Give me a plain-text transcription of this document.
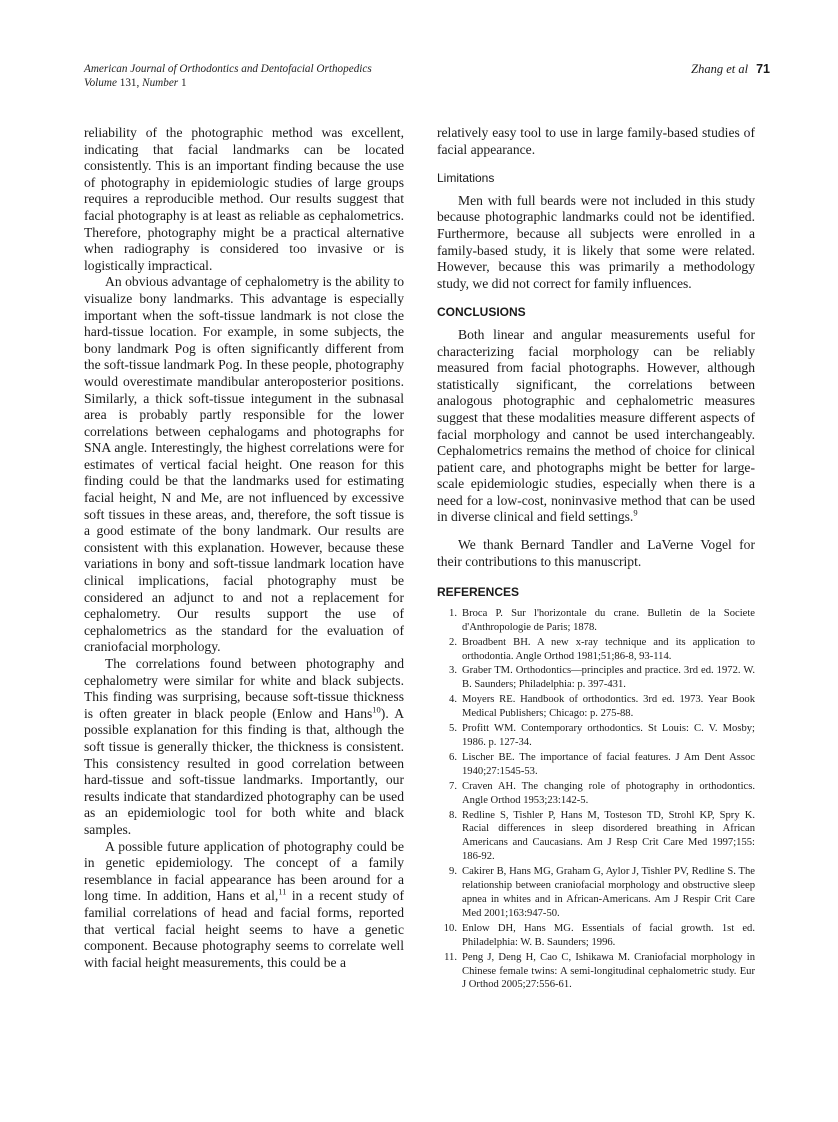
American Journal of Orthodontics and Dentofacial Orthopedics
Volume 131, Number 1
Zhang et al 71

reliability of the photographic method was excellent, indicating that facial landmarks can be located consistently. This is an important finding because the use of photography in epidemiologic studies of large groups requires a reproducible method. Our results suggest that facial photography is at least as reliable as cephalometrics. Therefore, photography might be a practical alternative when radiography is considered too invasive or is logistically impractical.

An obvious advantage of cephalometry is the ability to visualize bony landmarks. This advantage is especially important when the soft-tissue landmark is not close the hard-tissue location. For example, in some subjects, the bony landmark Pog is often significantly different from the soft-tissue landmark Pog. In these people, photography would overestimate mandibular anteroposterior positions. Similarly, a thick soft-tissue integument in the subnasal area is probably partly responsible for the lower correlations between cephalogams and photographs for SNA angle. Interestingly, the highest correlations were for estimates of vertical facial height. One reason for this finding could be that the landmarks used for estimating facial height, N and Me, are not influenced by excessive soft tissues in these areas, and, therefore, the soft tissue is a good estimate of the bony landmark. Our results are consistent with this explanation. However, because these variations in bony and soft-tissue landmark location have clinical implications, facial photography must be considered an adjunct to and not a replacement for cephalometry. Our results support the use of cephalometrics as the standard for the evaluation of craniofacial morphology.

The correlations found between photography and cephalometry were similar for white and black subjects. This finding was surprising, because soft-tissue thickness is often greater in black people (Enlow and Hans$^{10}$). A possible explanation for this finding is that, although the soft tissue is generally thicker, the thickness is consistent. This consistency resulted in good correlation between hard-tissue and soft-tissue landmarks. Importantly, our results indicate that standardized photography can be used as an epidemiologic tool for both white and black samples.

A possible future application of photography could be in genetic epidemiology. The concept of a family resemblance in facial appearance has been around for a long time. In addition, Hans et al,$^{11}$ in a recent study of familial correlations of head and facial forms, reported that vertical facial height seems to have a genetic component. Because photography seems to correlate well with facial height measurements, this could be a

relatively easy tool to use in large family-based studies of facial appearance.

Limitations

Men with full beards were not included in this study because photographic landmarks could not be identified. Furthermore, because all subjects were enrolled in a family-based study, it is likely that some were related. However, because this was primarily a methodology study, we did not correct for family influences.

CONCLUSIONS

Both linear and angular measurements useful for characterizing facial morphology can be reliably measured from facial photographs. However, although statistically significant, the correlations between analogous photographic and cephalometric measures suggest that these modalities measure different aspects of facial morphology and cannot be used interchangeably. Cephalometrics remains the method of choice for clinical patient care, and photographs might be better for large-scale epidemiologic studies, especially when there is a need for a low-cost, noninvasive method that can be used in diverse clinical and field settings.$^9$

We thank Bernard Tandler and LaVerne Vogel for their contributions to this manuscript.

REFERENCES
1. Broca P. Sur l'horizontale du crane. Bulletin de la Societe d'Anthropologie de Paris; 1878.
2. Broadbent BH. A new x-ray technique and its application to orthodontia. Angle Orthod 1981;51;86-8, 93-114.
3. Graber TM. Orthodontics—principles and practice. 3rd ed. 1972. W. B. Saunders; Philadelphia: p. 397-431.
4. Moyers RE. Handbook of orthodontics. 3rd ed. 1973. Year Book Medical Publishers; Chicago: p. 275-88.
5. Profitt WM. Contemporary orthodontics. St Louis: C. V. Mosby; 1986. p. 127-34.
6. Lischer BE. The importance of facial features. J Am Dent Assoc 1940;27:1545-53.
7. Craven AH. The changing role of photography in orthodontics. Angle Orthod 1953;23:142-5.
8. Redline S, Tishler P, Hans M, Tosteson TD, Strohl KP, Spry K. Racial differences in sleep disordered breathing in African Americans and Caucasians. Am J Resp Crit Care Med 1997;155: 186-92.
9. Cakirer B, Hans MG, Graham G, Aylor J, Tishler PV, Redline S. The relationship between craniofacial morphology and obstructive sleep apnea in whites and in African-Americans. Am J Respir Crit Care Med 2001;163:947-50.
10. Enlow DH, Hans MG. Essentials of facial growth. 1st ed. Philadelphia: W. B. Saunders; 1996.
11. Peng J, Deng H, Cao C, Ishikawa M. Craniofacial morphology in Chinese female twins: A semi-longitudinal cephalometric study. Eur J Orthod 2005;27:556-61.
